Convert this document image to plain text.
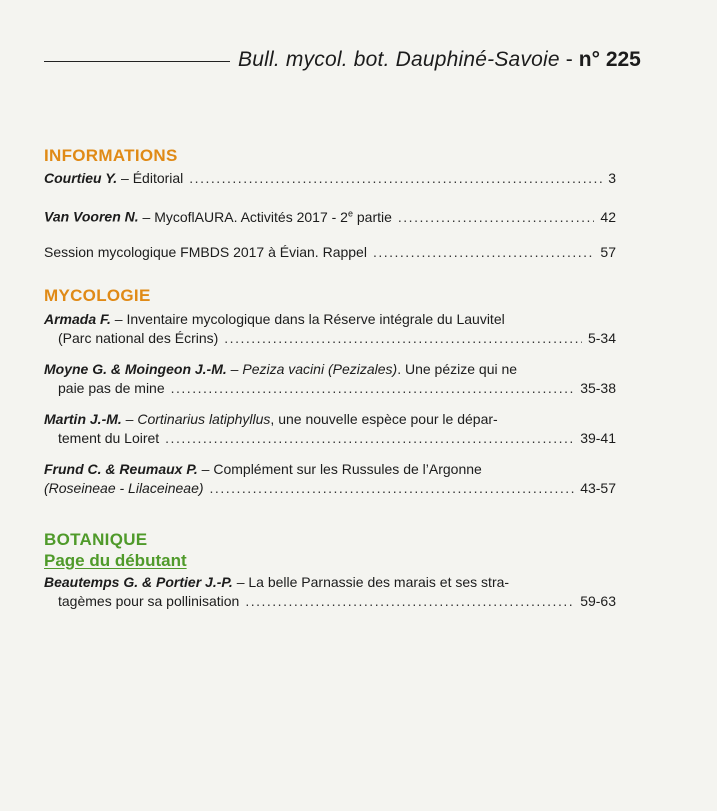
Bull. mycol. bot. Dauphiné-Savoie - n° 225
INFORMATIONS
Courtieu Y. – Éditorial .....	3
Van Vooren N. – MycoflAURA. Activités 2017 - 2e partie .....	42
Session mycologique FMBDS 2017 à Évian. Rappel .....	57
MYCOLOGIE
Armada F. – Inventaire mycologique dans la Réserve intégrale du Lauvitel
(Parc national des Écrins) .....	5-34
Moyne G. & Moingeon J.-M. – Peziza vacini (Pezizales). Une pézize qui ne
paie pas de mine .....	35-38
Martin J.-M. – Cortinarius latiphyllus, une nouvelle espèce pour le dépar-
tement du Loiret .....	39-41
Frund C. & Reumaux P. – Complément sur les Russules de l’Argonne
(Roseineae - Lilaceineae) .....	43-57
BOTANIQUE
Page du débutant
Beautemps G. & Portier J.-P. – La belle Parnassie des marais et ses stra-
tagèmes pour sa pollinisation .....	59-63
